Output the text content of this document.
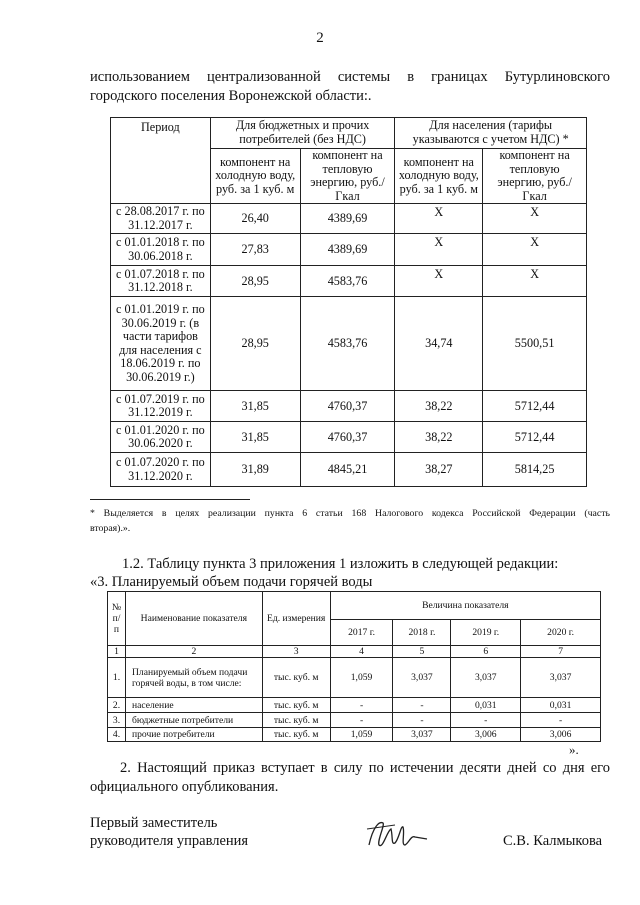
2
использованием централизованной системы в границах Бутурлиновского
городского поселения Воронежской области:.
Период	Для бюджетных и прочих потребителей (без НДС)		Для населения (тарифы указываются с учетом НДС) *	
	компонент на холодную воду, руб. за 1 куб. м	компонент на тепловую энергию, руб./Гкал	компонент на холодную воду, руб. за 1 куб. м	компонент на тепловую энергию, руб./Гкал
с 28.08.2017 г. по 31.12.2017 г.	26,40	4389,69	Х	Х
с 01.01.2018 г. по 30.06.2018 г.	27,83	4389,69	Х	Х
с 01.07.2018 г. по 31.12.2018 г.	28,95	4583,76	Х	Х
с 01.01.2019 г. по 30.06.2019 г. (в части тарифов для населения с 18.06.2019 г. по 30.06.2019 г.)	28,95	4583,76	34,74	5500,51
с 01.07.2019 г. по 31.12.2019 г.	31,85	4760,37	38,22	5712,44
с 01.01.2020 г. по 30.06.2020 г.	31,85	4760,37	38,22	5712,44
с 01.07.2020 г. по 31.12.2020 г.	31,89	4845,21	38,27	5814,25
* Выделяется в целях реализации пункта 6 статьи 168 Налогового кодекса Российской Федерации (часть
вторая).».
1.2. Таблицу пункта 3 приложения 1 изложить в следующей редакции:
«3. Планируемый объем подачи горячей воды
№ п/ п	Наименование показателя	Ед. измерения	Величина показателя			
			2017 г.	2018 г.	2019 г.	2020 г.
1	2	3	4	5	6	7
1.	Планируемый объем подачи горячей воды, в том числе:	тыс. куб. м	1,059	3,037	3,037	3,037
2.	население	тыс. куб. м	-	-	0,031	0,031
3.	бюджетные потребители	тыс. куб. м	-	-	-	-
4.	прочие потребители	тыс. куб. м	1,059	3,037	3,006	3,006
».
2. Настоящий приказ вступает в силу по истечении десяти дней со дня его
официального опубликования.
Первый заместитель
руководителя управления	С.В. Калмыкова
